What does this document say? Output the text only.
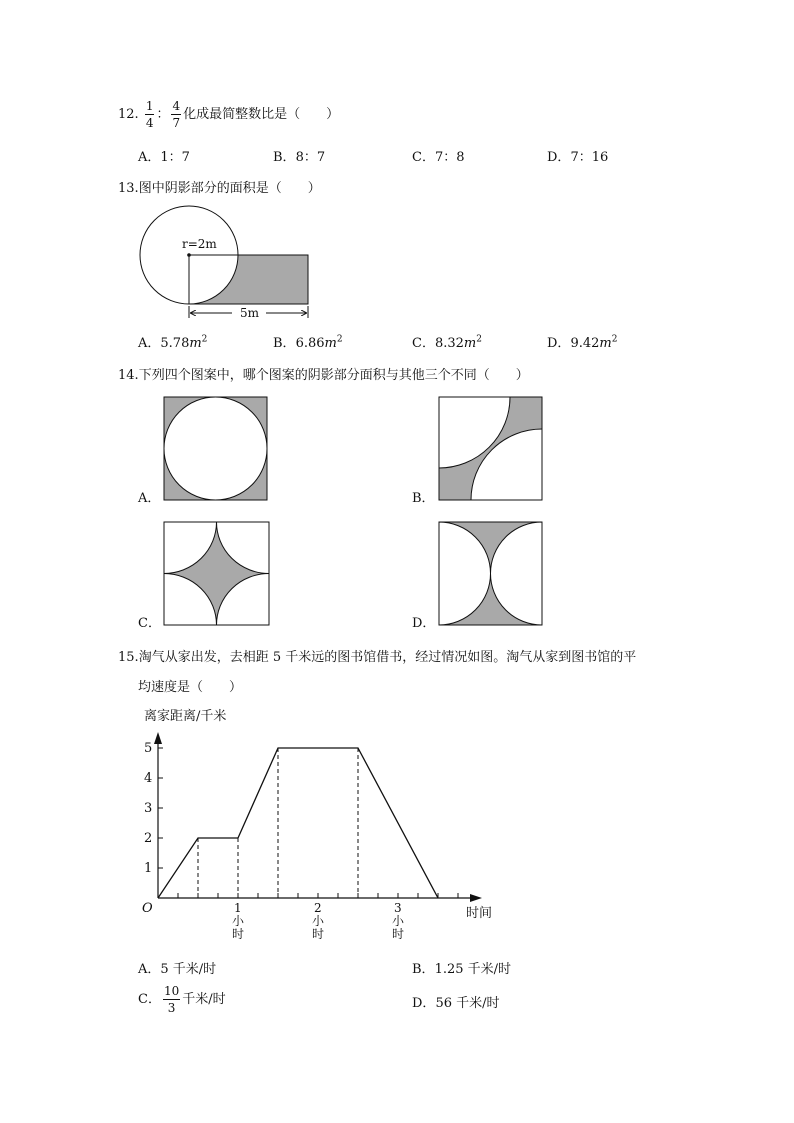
12. $\frac{1}{4}$ ： $\frac{4}{7}$ 化成最简整数比是（　　）
A．1：7	B．8：7	C．7：8	D．7：16
13.图中阴影部分的面积是（　　）
r=2m
5m
A．$5.78m^2$	B．$6.86m^2$	C．$8.32m^2$	D．$9.42m^2$
14.下列四个图案中，哪个图案的阴影部分面积与其他三个不同（　　）
A．	B．
C．	D．
15.淘气从家出发，去相距 5 千米远的图书馆借书，经过情况如图。淘气从家到图书馆的平
均速度是（　　）
离家距离/千米
时间
O
1
2
3
4
5
1
小
时
2
小
时
3
小
时
A．5 千米/时	B．1.25 千米/时
C． $\frac{10}{3}$ 千米/时	D．56 千米/时
